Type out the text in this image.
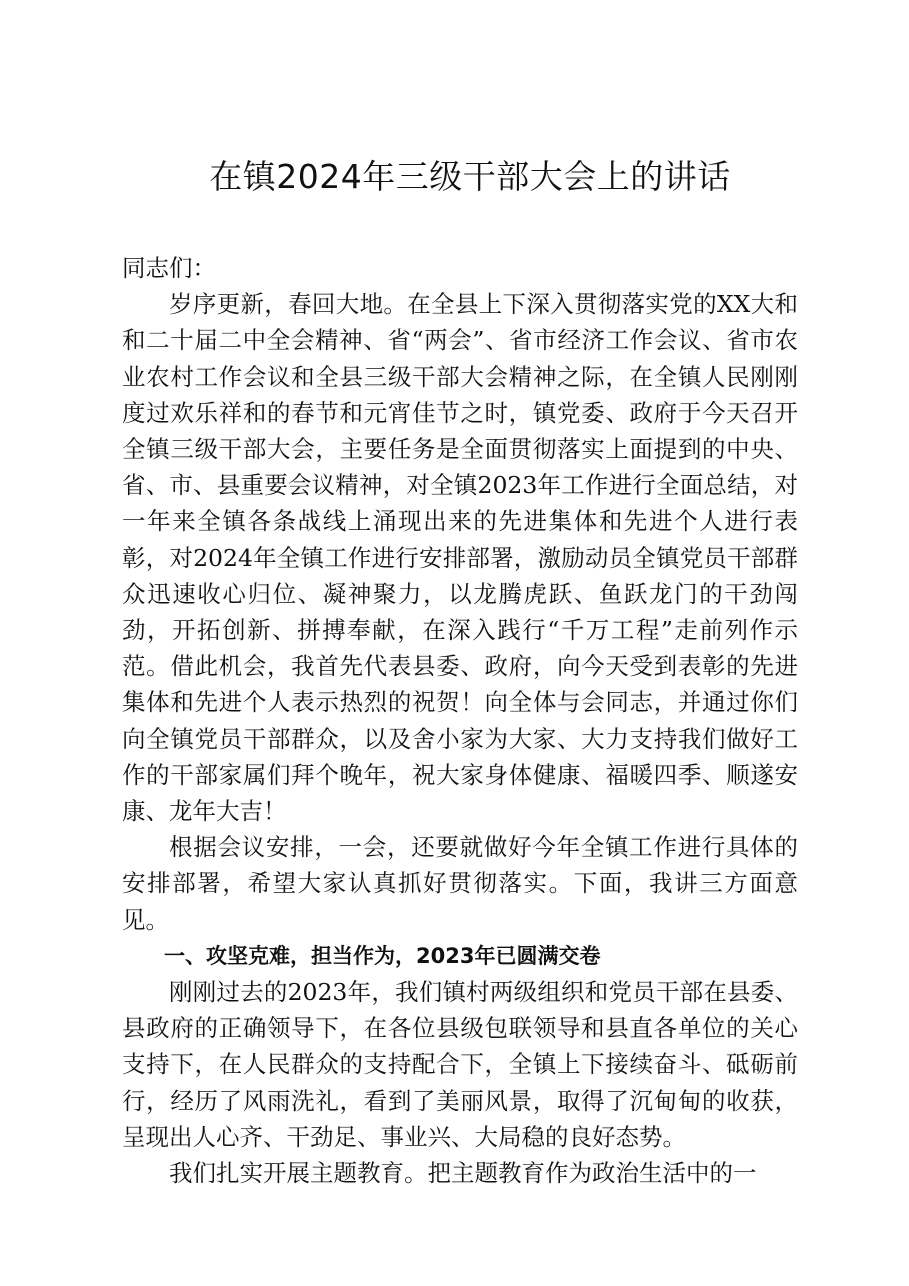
在镇2024年三级干部大会上的讲话

同志们：

岁序更新，春回大地。在全县上下深入贯彻落实党的XX大和和二十届二中全会精神、省“两会”、省市经济工作会议、省市农业农村工作会议和全县三级干部大会精神之际，在全镇人民刚刚度过欢乐祥和的春节和元宵佳节之时，镇党委、政府于今天召开全镇三级干部大会，主要任务是全面贯彻落实上面提到的中央、省、市、县重要会议精神，对全镇2023年工作进行全面总结，对一年来全镇各条战线上涌现出来的先进集体和先进个人进行表彰，对2024年全镇工作进行安排部署，激励动员全镇党员干部群众迅速收心归位、凝神聚力，以龙腾虎跃、鱼跃龙门的干劲闯劲，开拓创新、拼搏奉献，在深入践行“千万工程”走前列作示范。借此机会，我首先代表县委、政府，向今天受到表彰的先进集体和先进个人表示热烈的祝贺！向全体与会同志，并通过你们向全镇党员干部群众，以及舍小家为大家、大力支持我们做好工作的干部家属们拜个晚年，祝大家身体健康、福暖四季、顺遂安康、龙年大吉！

根据会议安排，一会，还要就做好今年全镇工作进行具体的安排部署，希望大家认真抓好贯彻落实。下面，我讲三方面意见。

一、攻坚克难，担当作为，2023年已圆满交卷

刚刚过去的2023年，我们镇村两级组织和党员干部在县委、县政府的正确领导下，在各位县级包联领导和县直各单位的关心支持下，在人民群众的支持配合下，全镇上下接续奋斗、砥砺前行，经历了风雨洗礼，看到了美丽风景，取得了沉甸甸的收获，呈现出人心齐、干劲足、事业兴、大局稳的良好态势。

我们扎实开展主题教育。把主题教育作为政治生活中的一
